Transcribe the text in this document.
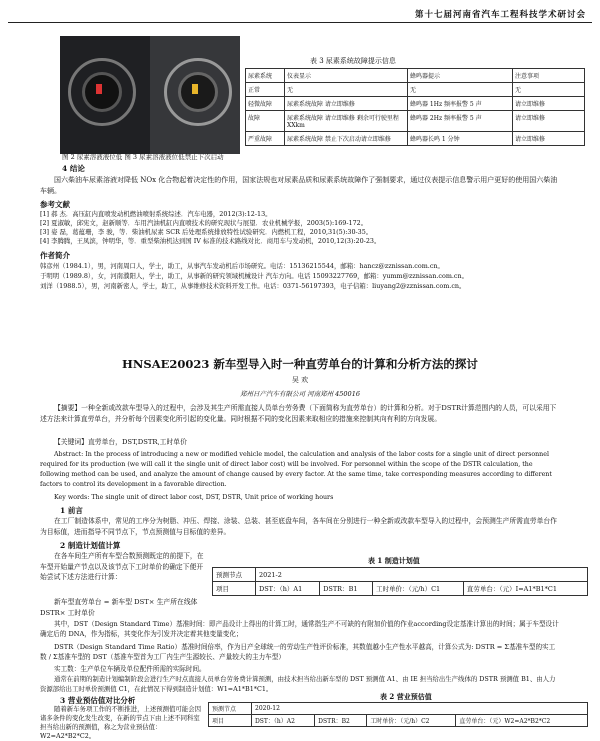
第十七届河南省汽车工程科技学术研讨会
图 2 尿素溶液液位低 图 3 尿素溶液液位低禁止下次启动
表 3 尿素系统故障提示信息
尿素系统	仪表显示	蜂鸣器提示	注意事项
正常	无	无	无
轻微故障	尿素系统故障 请立即维修	蜂鸣器 1Hz 频率报警 5 声	请立即维修
故障	尿素系统故障 请立即维修 剩余可行驶里程 XXkm	蜂鸣器 2Hz 频率报警 5 声	请立即维修
严重故障	尿素系统故障 禁止下次启动请立即维修	蜂鸣器长鸣 1 分钟	请立即维修
4 结论
国六柴油车尿素溶液对降低 NOx 化合物起着决定性的作用，国家法规也对尿素品质和尿素系统故障作了强制要求，通过仪表提示信息警示用户更好的使用国六柴油车辆。
参考文献
[1] 郝 杰．高压缸内直喷发动机燃油喷射系统综述．汽车电器，2012(3):12-13。
[2] 夏淑敏，邱宪文，赵新顺等．车用汽油机缸内直喷技术的研究现状与展望．农业机械学报，2003(5):169-172。
[3] 姿 磊，葛蕴珊，李 骏，等．柴油机尿素 SCR 后处理系统排放特性试验研究．内燃机工程，2010,31(5):30-35。
[4] 李腾腾，王凤滨，钟明华，等．重型柴油机达到国 IV 标准的技术路线对比．商用车与发动机，2010,12(3):20-23。
作者简介
韩彦州（1984.1），男，河南周口人，学士，助工，从事汽车发动机后市场研究。电话：15136215544，邮箱：hancz@zznissan.com.cn。
于明明（1989.8），女，河南濮阳人，学士，助工，从事新的研究领域机械设计 汽车方向。电话 15093227769，邮箱：yumm@zznissan.com.cn。
刘洋（1988.5），男，河南新密人，学士，助工，从事维修技术资料开发工作。电话：0371-56197393，电子信箱：liuyang2@zznissan.com.cn。
HNSAE20023 新车型导入时一种直劳单台的计算和分析方法的探讨
吴 欢
郑州日产汽车有限公司 河南郑州 450016
【摘要】一种全新或改款车型导入的过程中，会涉及其生产所需直接人员单台劳务费（下面简称为直劳单台）的计算和分析。对于DSTR计算范围内的人员，可以采用下述方法来计算直劳单台，并分析每个因素变化所引起的变化量。同时根据不同的变化因素来取相应的措施来控制其向有利的方向发展。
【关键词】直劳单台，DST,DSTR,工时单价
Abstract: In the process of introducing a new or modified vehicle model, the calculation and analysis of the labor costs for a single unit of direct personnel required for its production (we will call it the single unit of direct labor cost) will be involved. For personnel within the scope of the DSTR calculation, the following method can be used, and analyze the amount of change caused by every factor. At the same time, take corresponding measures according to different factors to control its development in a favorable direction.
Key words: The single unit of direct labor cost, DST, DSTR, Unit price of working hours
1 前言
在工厂制造体系中，常见的工序分为树脂、冲压、焊接、涂装、总装、甚至底盘车间，各车间在分别进行一种全新或改款车型导入的过程中，会预测生产所需直劳单台作为目标值，进而指导不同节点下，节点预测值与目标值的差异。
2 制造计划值计算
在各车间生产所有车型合数预测既定的前提下，在车型开始量产节点以及该节点下工时单价的确定下便开始尝试下述方法进行计算：
新车型直劳单台 = 新车型 DST× 生产所在线体 DSTR× 工时单价
表 1 制造计划值
预测节点	2021-2			
项目	DST：（h）A1	DSTR：B1	工时单价：（元/h）C1	直劳单台：（元）I=A1*B1*C1
其中，DST（Design Standard Time）基准时间：即产品设计上得出的计算工时，通常指生产不可缺的有附加价值的作业according设定基准计算出的时间；属于车型设计确定后的 DNA，作为指标，其变化作为引发并决定着其他变量变化；
DSTR（Design Standard Time Ratio）基准时间倍率，作为日产全球统一的劳动生产性评价标准，其数值越小生产性水平越高，计算公式为: DSTR = Σ基准车型的实工数 / Σ基准车型的 DST（基准车型首为工厂内生产生源较长、产量较大的主力车型）
实工数：生产单位车辆及单位配件所需的实际时间。
通常在前期的制造计划编制阶段会进行生产时点直接人员单台劳务费计算预测，由技术担当给出新车型的 DST 预测值 A1、由 IE 担当给出生产线体的 DSTR 预测值 B1、由人力资源部给出工时单价预测值 C1，在此情况下得到制造计划值：W1=A1*B1*C1。
3 营业预估值对比分析
随着新车务项工作的不断推进，上述预测值可能会因诸多条件的变化发生改变，在新的节点下由上述不同科室担当给出新的预测值，称之为营业预估值：W2=A2*B2*C2。
表 2 营业预估值
预测节点	2020-12			
项目	DST：（h）A2	DSTR：B2	工时单价：（元/h）C2	直劳单台：（元）W2=A2*B2*C2
